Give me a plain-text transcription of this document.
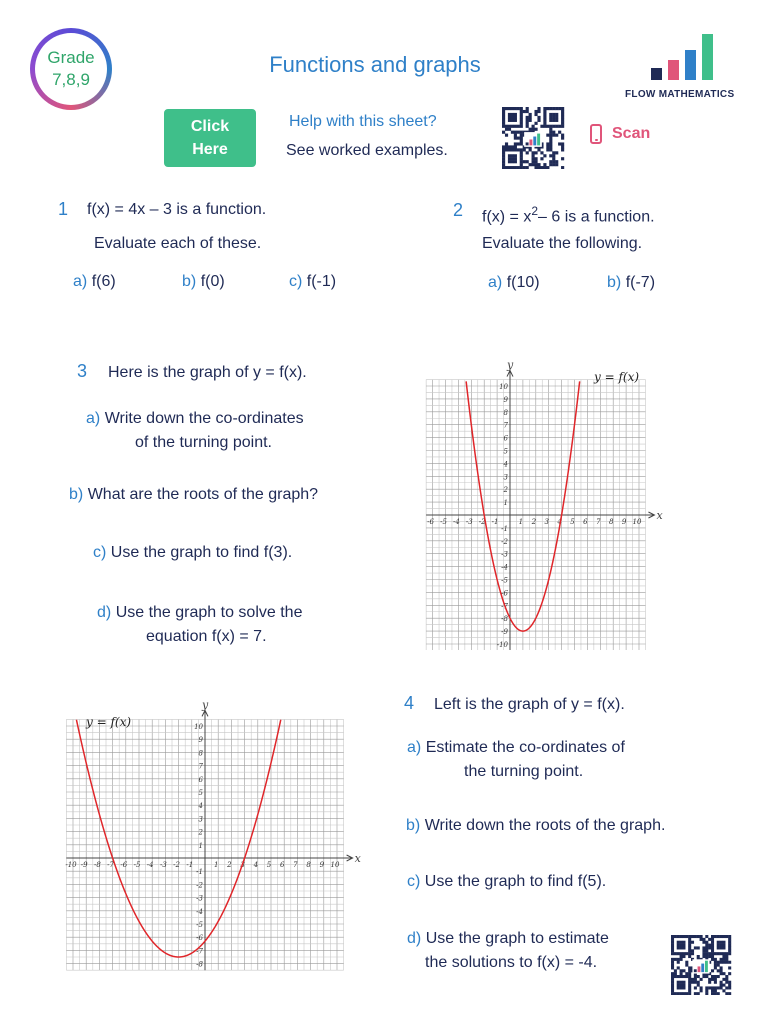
Grade
7,8,9
Functions and graphs
FLOW MATHEMATICS
Click
Here
Help with this sheet?
See worked examples.
Scan
1 f(x) = 4x – 3 is a function.
Evaluate each of these.
a) f(6)	b) f(0)	c) f(-1)
2 $f(x) = x^2-$ 6 is a function.
Evaluate the following.
a) f(10)	b) f(-7)
3 Here is the graph of y = f(x).
a) Write down the co-ordinates
of the turning point.
b) What are the roots of the graph?
c) Use the graph to find f(3).
d) Use the graph to solve the
equation f(x) = 7.
x
y
-6 -5 -4 -3 -2 -1	1 2 3 4 5 6 7 8 9 10
-10
-9
-8
-7
-6
-5
-4
-3
-2
-1
1
2
3
4
5
6
7
8
9
10
y = f(x)
x
y
-10 -9 -8 -7 -6 -5 -4 -3 -2 -1	1 2 3 4 5 6 7 8 9 10
-8
-7
-6
-5
-4
-3
-2
-1
1
2
3
4
5
6
7
8
9
10
y = f(x)
4 Left is the graph of y = f(x).
a) Estimate the co-ordinates of
the turning point.
b) Write down the roots of the graph.
c) Use the graph to find f(5).
d) Use the graph to estimate
the solutions to f(x) = -4.
